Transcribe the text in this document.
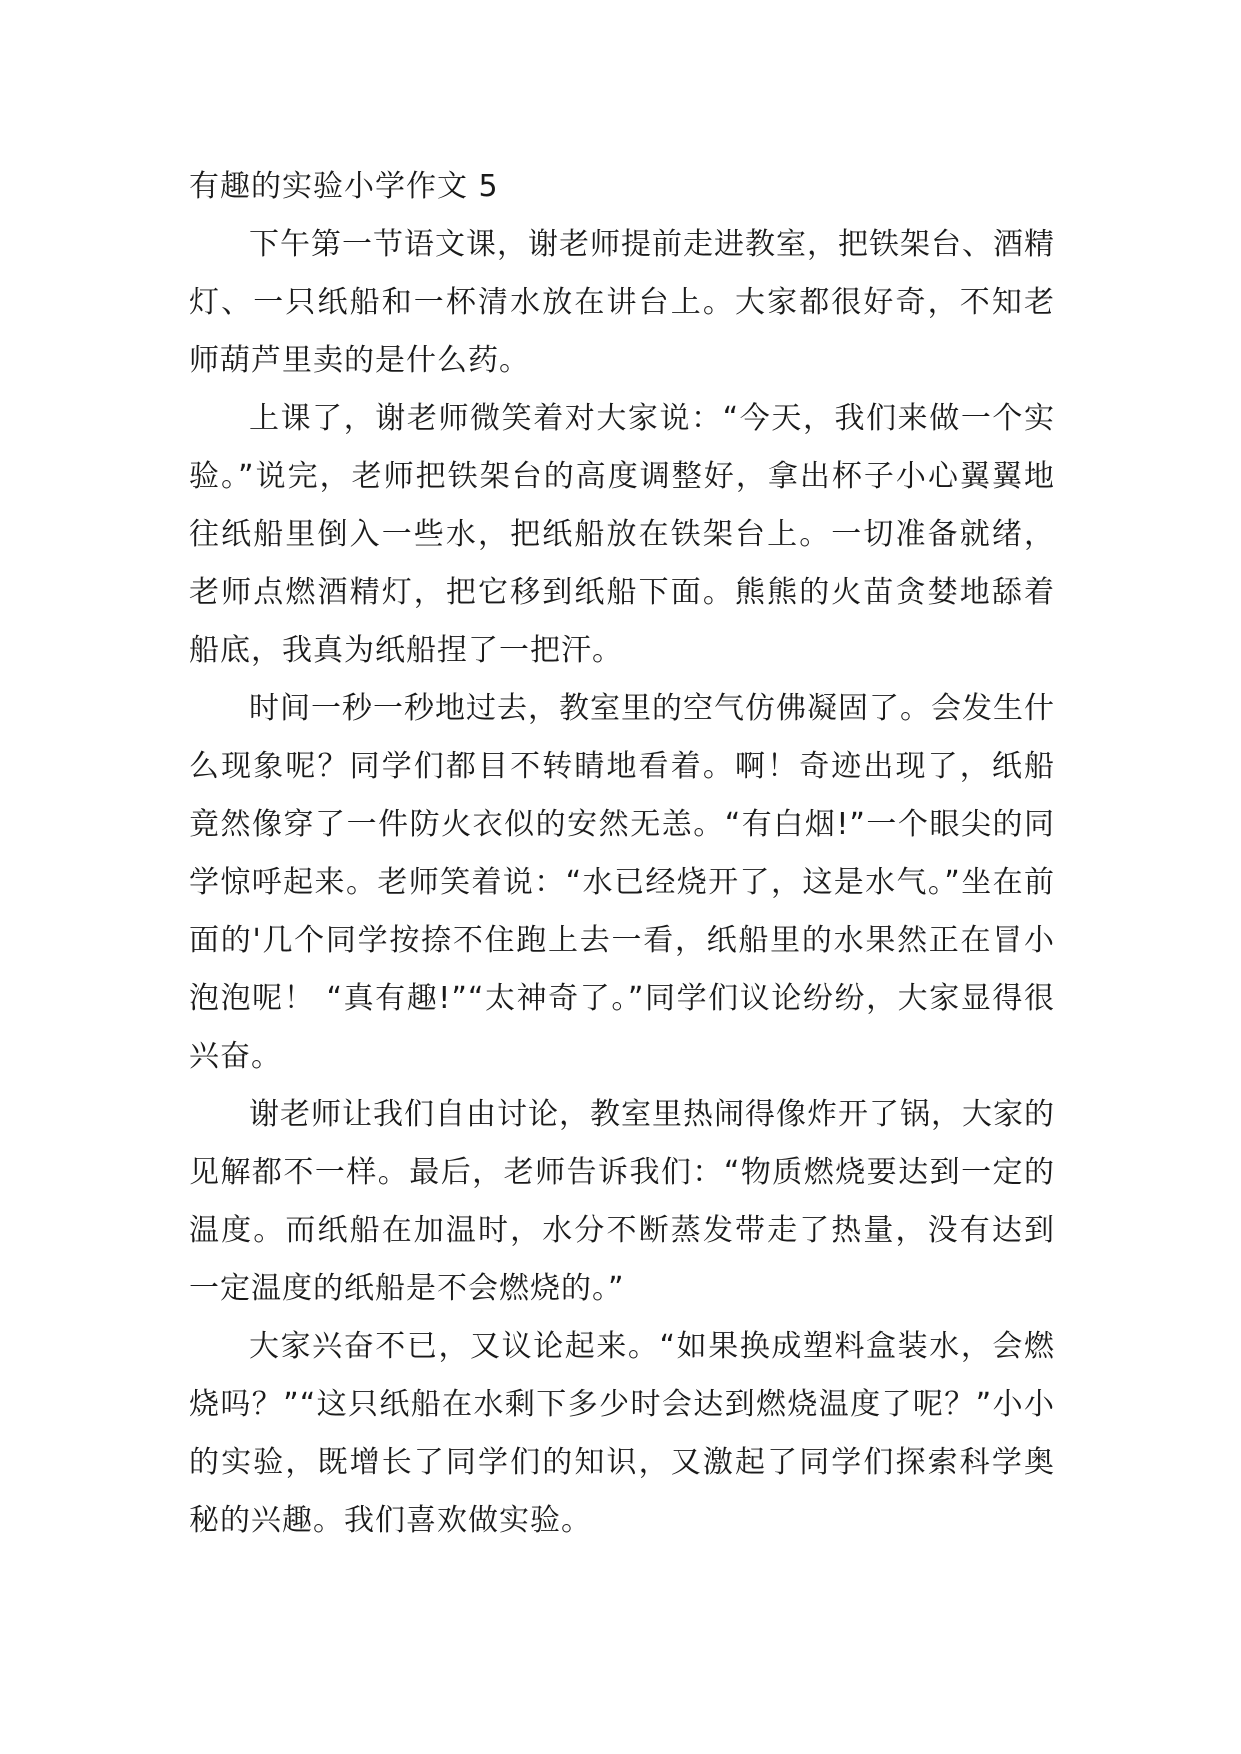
有趣的实验小学作文 5

下午第一节语文课，谢老师提前走进教室，把铁架台、酒精灯、一只纸船和一杯清水放在讲台上。大家都很好奇，不知老师葫芦里卖的是什么药。

上课了，谢老师微笑着对大家说：“今天，我们来做一个实验。”说完，老师把铁架台的高度调整好，拿出杯子小心翼翼地往纸船里倒入一些水，把纸船放在铁架台上。一切准备就绪，老师点燃酒精灯，把它移到纸船下面。熊熊的火苗贪婪地舔着船底，我真为纸船捏了一把汗。

时间一秒一秒地过去，教室里的空气仿佛凝固了。会发生什么现象呢？同学们都目不转睛地看着。啊！奇迹出现了，纸船竟然像穿了一件防火衣似的安然无恙。“有白烟!”一个眼尖的同学惊呼起来。老师笑着说：“水已经烧开了，这是水气。”坐在前面的'几个同学按捺不住跑上去一看，纸船里的水果然正在冒小泡泡呢！ “真有趣!”“太神奇了。”同学们议论纷纷，大家显得很兴奋。

谢老师让我们自由讨论，教室里热闹得像炸开了锅，大家的见解都不一样。最后，老师告诉我们：“物质燃烧要达到一定的温度。而纸船在加温时，水分不断蒸发带走了热量，没有达到一定温度的纸船是不会燃烧的。”

大家兴奋不已，又议论起来。“如果换成塑料盒装水，会燃烧吗？”“这只纸船在水剩下多少时会达到燃烧温度了呢？”小小的实验，既增长了同学们的知识，又激起了同学们探索科学奥秘的兴趣。我们喜欢做实验。
